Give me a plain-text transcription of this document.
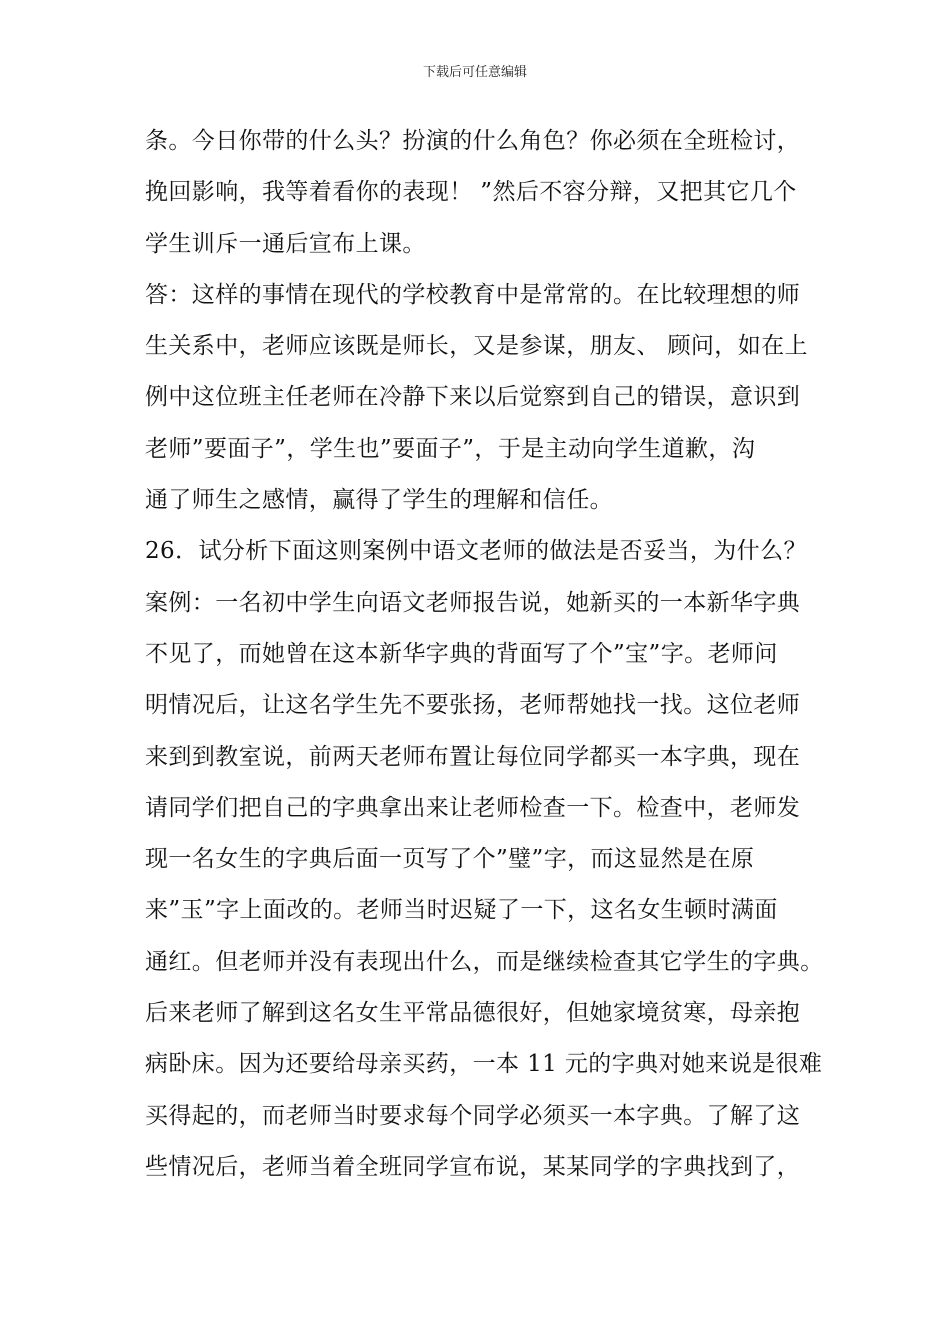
下载后可任意编辑
条。今日你带的什么头？扮演的什么角色？你必须在全班检讨，
挽回影响，我等着看你的表现！ ”然后不容分辩，又把其它几个
学生训斥一通后宣布上课。
答：这样的事情在现代的学校教育中是常常的。在比较理想的师
生关系中，老师应该既是师长，又是参谋，朋友、 顾问，如在上
例中这位班主任老师在冷静下来以后觉察到自己的错误，意识到
老师”要面子”，学生也”要面子”，于是主动向学生道歉，沟
通了师生之感情，赢得了学生的理解和信任。
26．试分析下面这则案例中语文老师的做法是否妥当，为什么？
案例：一名初中学生向语文老师报告说，她新买的一本新华字典
不见了，而她曾在这本新华字典的背面写了个”宝”字。老师问
明情况后，让这名学生先不要张扬，老师帮她找一找。这位老师
来到到教室说，前两天老师布置让每位同学都买一本字典，现在
请同学们把自己的字典拿出来让老师检查一下。检查中，老师发
现一名女生的字典后面一页写了个”璧”字，而这显然是在原
来”玉”字上面改的。老师当时迟疑了一下，这名女生顿时满面
通红。但老师并没有表现出什么，而是继续检查其它学生的字典。
后来老师了解到这名女生平常品德很好，但她家境贫寒，母亲抱
病卧床。因为还要给母亲买药，一本 11 元的字典对她来说是很难
买得起的，而老师当时要求每个同学必须买一本字典。了解了这
些情况后，老师当着全班同学宣布说，某某同学的字典找到了，
